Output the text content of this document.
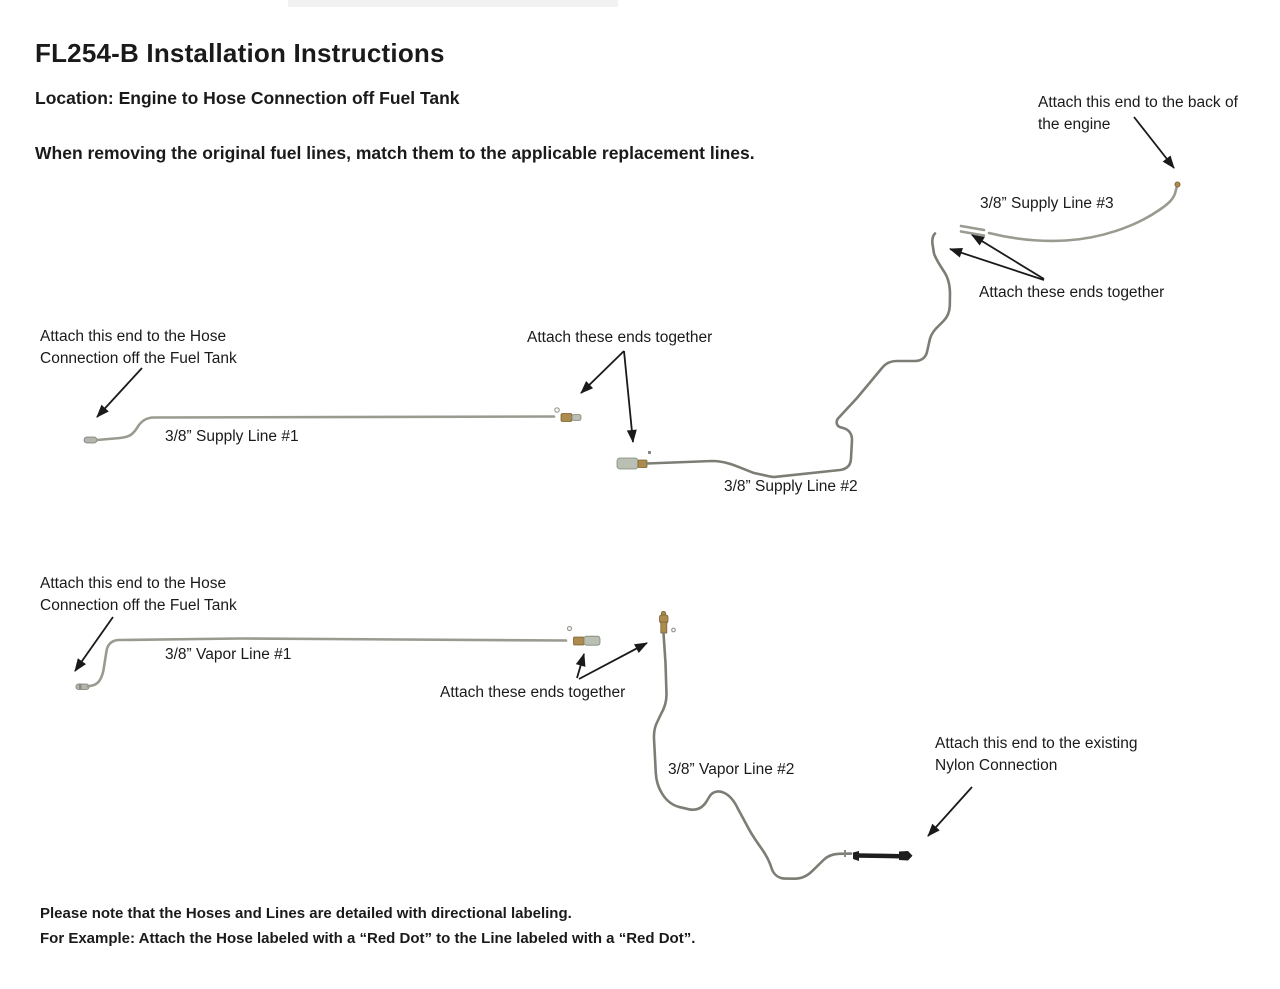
FL254-B Installation Instructions
Location: Engine to Hose Connection off Fuel Tank
When removing the original fuel lines, match them to the applicable replacement lines.
Attach this end to the back of
the engine
3/8” Supply Line #3
Attach these ends together
Attach this end to the Hose
Connection off the Fuel Tank
3/8” Supply Line #1
Attach these ends together
3/8” Supply Line #2
Attach this end to the Hose
Connection off the Fuel Tank
3/8” Vapor Line #1
Attach these ends together
3/8” Vapor Line #2
Attach this end to the existing
Nylon Connection
Please note that the Hoses and Lines are detailed with directional labeling.
For Example: Attach the Hose labeled with a “Red Dot” to the Line labeled with a “Red Dot”.
